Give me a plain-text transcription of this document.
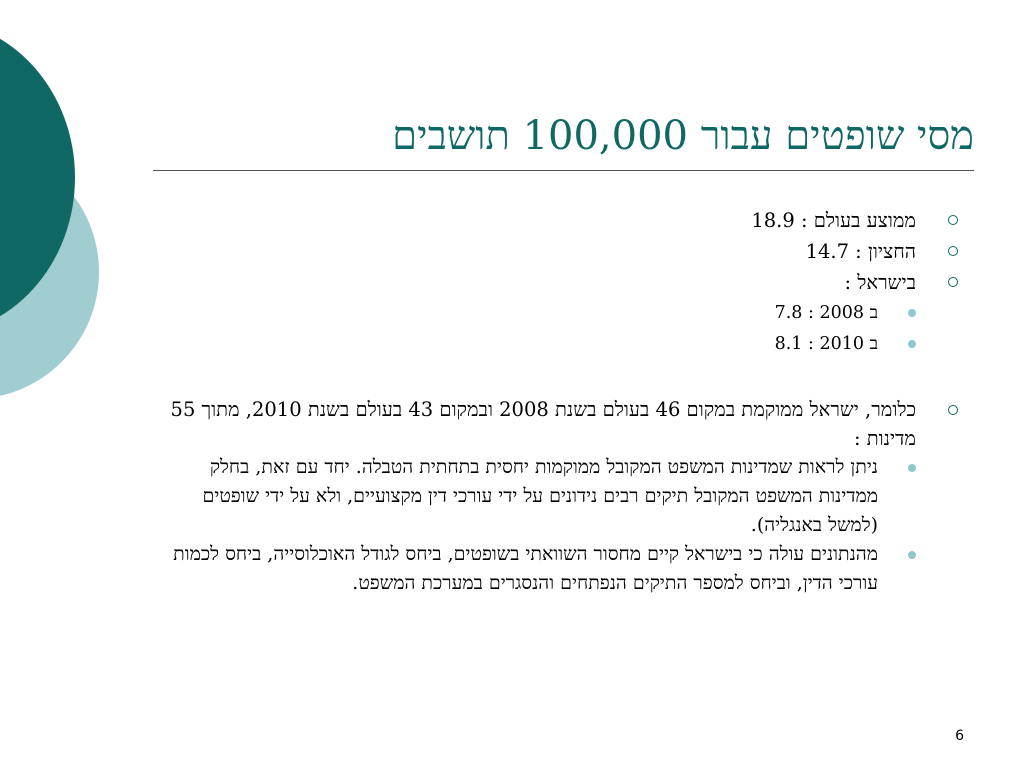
מסי שופטים עבור 100,000 תושבים
ממוצע בעולם : 18.9
החציון : 14.7
בישראל :
ב 2008 : 7.8
ב 2010 : 8.1
כלומר, ישראל ממוקמת במקום 46 בעולם בשנת 2008 ובמקום 43 בעולם בשנת 2010, מתוך 55 מדינות :
ניתן לראות שמדינות המשפט המקובל ממוקמות יחסית בתחתית הטבלה. יחד עם זאת, בחלק ממדינות המשפט המקובל תיקים רבים נידונים על ידי עורכי דין מקצועיים, ולא על ידי שופטים (למשל באנגליה).
מהנתונים עולה כי בישראל קיים מחסור השוואתי בשופטים, ביחס לגודל האוכלוסייה, ביחס לכמות עורכי הדין, וביחס למספר התיקים הנפתחים והנסגרים במערכת המשפט.
6
